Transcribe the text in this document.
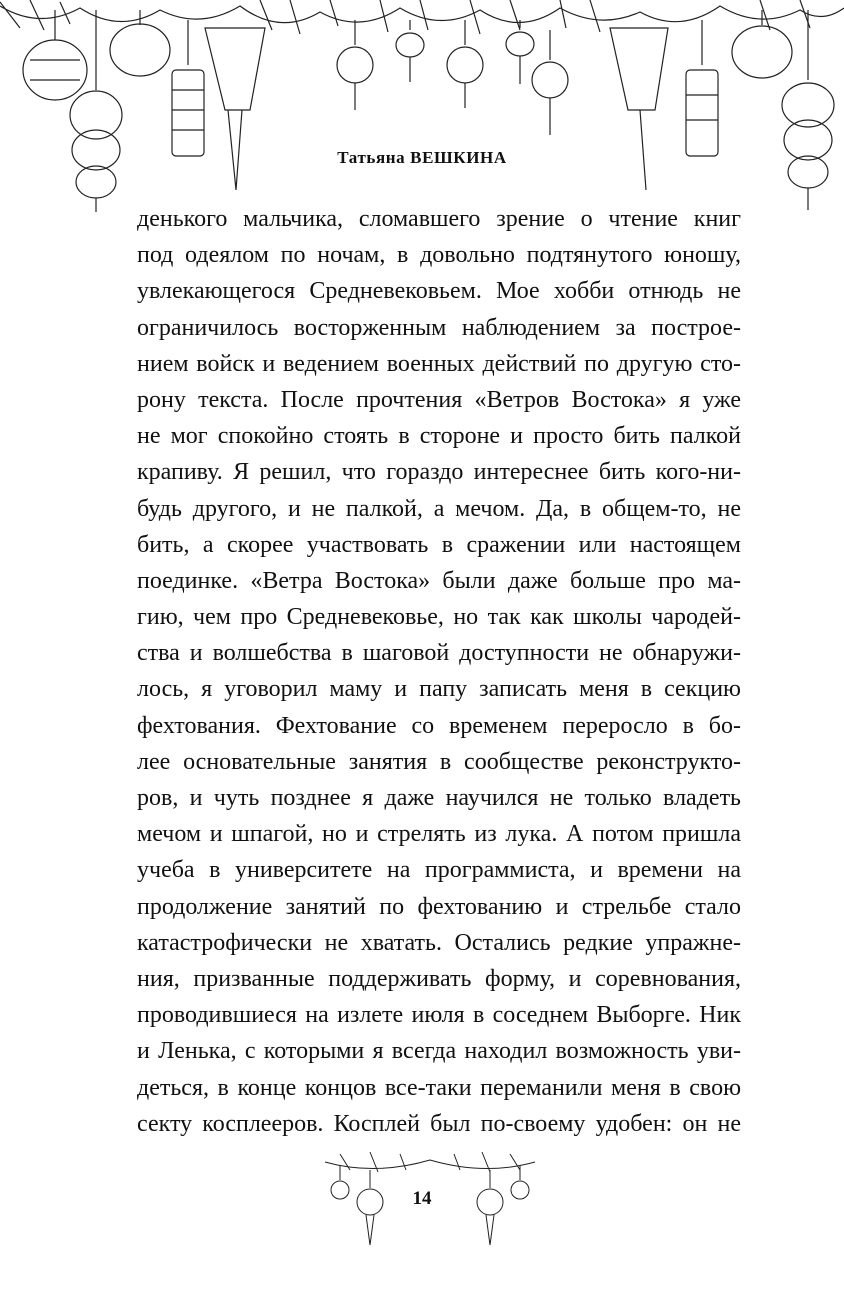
Татьяна ВЕШКИНА
денького мальчика, сломавшего зрение о чтение книг
под одеялом по ночам, в довольно подтянутого юношу,
увлекающегося Средневековьем. Мое хобби отнюдь не
ограничилось восторженным наблюдением за построе-
нием войск и ведением военных действий по другую сто-
рону текста. После прочтения «Ветров Востока» я уже
не мог спокойно стоять в стороне и просто бить палкой
крапиву. Я решил, что гораздо интереснее бить кого-ни-
будь другого, и не палкой, а мечом. Да, в общем-то, не
бить, а скорее участвовать в сражении или настоящем
поединке. «Ветра Востока» были даже больше про ма-
гию, чем про Средневековье, но так как школы чародей-
ства и волшебства в шаговой доступности не обнаружи-
лось, я уговорил маму и папу записать меня в секцию
фехтования. Фехтование со временем переросло в бо-
лее основательные занятия в сообществе реконструкто-
ров, и чуть позднее я даже научился не только владеть
мечом и шпагой, но и стрелять из лука. А потом пришла
учеба в университете на программиста, и времени на
продолжение занятий по фехтованию и стрельбе стало
катастрофически не хватать. Остались редкие упражне-
ния, призванные поддерживать форму, и соревнования,
проводившиеся на излете июля в соседнем Выборге. Ник
и Ленька, с которыми я всегда находил возможность уви-
деться, в конце концов все-таки переманили меня в свою
секту косплееров. Косплей был по-своему удобен: он не
14
